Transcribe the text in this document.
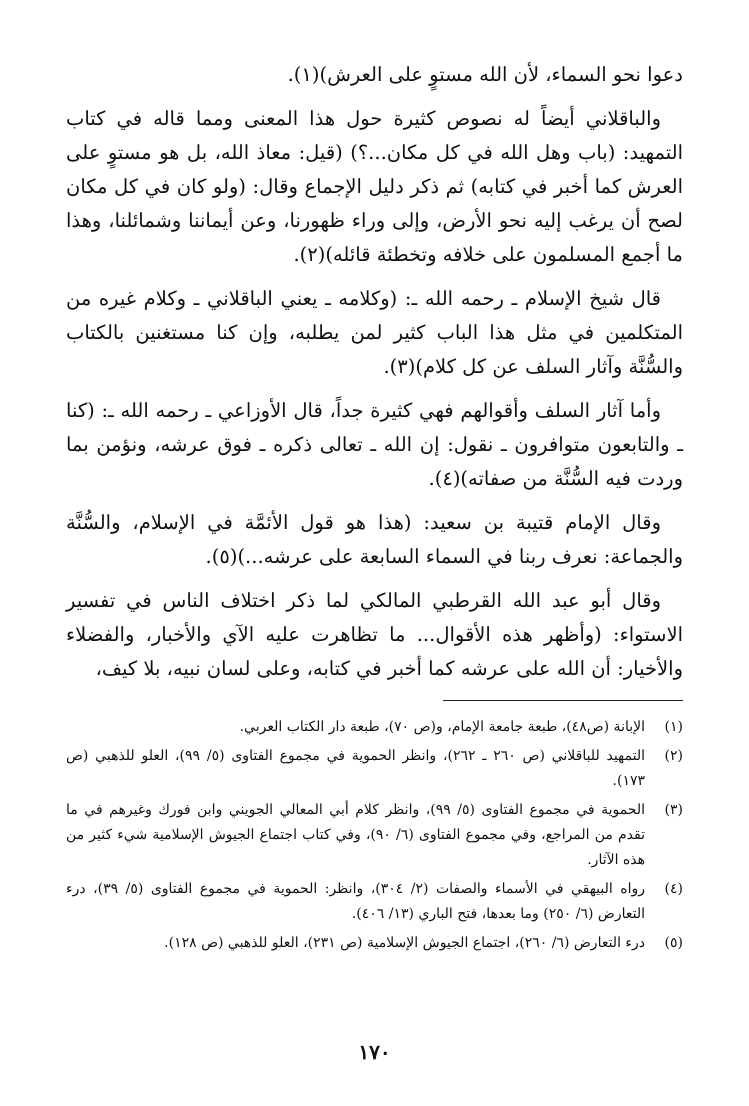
دعوا نحو السماء، لأن الله مستوٍ على العرش)(١).

والباقلاني أيضاً له نصوص كثيرة حول هذا المعنى ومما قاله في كتاب التمهيد: (باب وهل الله في كل مكان...؟) (قيل: معاذ الله، بل هو مستوٍ على العرش كما أخبر في كتابه) ثم ذكر دليل الإجماع وقال: (ولو كان في كل مكان لصح أن يرغب إليه نحو الأرض، وإلى وراء ظهورنا، وعن أيماننا وشمائلنا، وهذا ما أجمع المسلمون على خلافه وتخطئة قائله)(٢).

قال شيخ الإسلام ـ رحمه الله ـ: (وكلامه ـ يعني الباقلاني ـ وكلام غيره من المتكلمين في مثل هذا الباب كثير لمن يطلبه، وإن كنا مستغنين بالكتاب والسُّنَّة وآثار السلف عن كل كلام)(٣).

وأما آثار السلف وأقوالهم فهي كثيرة جداً، قال الأوزاعي ـ رحمه الله ـ: (كنا ـ والتابعون متوافرون ـ نقول: إن الله ـ تعالى ذكره ـ فوق عرشه، ونؤمن بما وردت فيه السُّنَّة من صفاته)(٤).

وقال الإمام قتيبة بن سعيد: (هذا هو قول الأئمَّة في الإسلام، والسُّنَّة والجماعة: نعرف ربنا في السماء السابعة على عرشه...)(٥).

وقال أبو عبد الله القرطبي المالكي لما ذكر اختلاف الناس في تفسير الاستواء: (وأظهر هذه الأقوال... ما تظاهرت عليه الآي والأخبار، والفضلاء والأخيار: أن الله على عرشه كما أخبر في كتابه، وعلى لسان نبيه، بلا كيف،

(١)
الإبانة (ص٤٨)، طبعة جامعة الإمام، و(ص ٧٠)، طبعة دار الكتاب العربي.
(٢)
التمهيد للباقلاني (ص ٢٦٠ ـ ٢٦٢)، وانظر الحموية في مجموع الفتاوى (٥/ ٩٩)، العلو للذهبي (ص ١٧٣).
(٣)
الحموية في مجموع الفتاوى (٥/ ٩٩)، وانظر كلام أبي المعالي الجويني وابن فورك وغيرهم في ما تقدم من المراجع، وفي مجموع الفتاوى (٦/ ٩٠)، وفي كتاب اجتماع الجيوش الإسلامية شيء كثير من هذه الآثار.
(٤)
رواه البيهقي في الأسماء والصفات (٢/ ٣٠٤)، وانظر: الحموية في مجموع الفتاوى (٥/ ٣٩)، درء التعارض (٦/ ٢٥٠) وما بعدها، فتح الباري (١٣/ ٤٠٦).
(٥)
درء التعارض (٦/ ٢٦٠)، اجتماع الجيوش الإسلامية (ص ٢٣١)، العلو للذهبي (ص ١٢٨).
١٧٠
